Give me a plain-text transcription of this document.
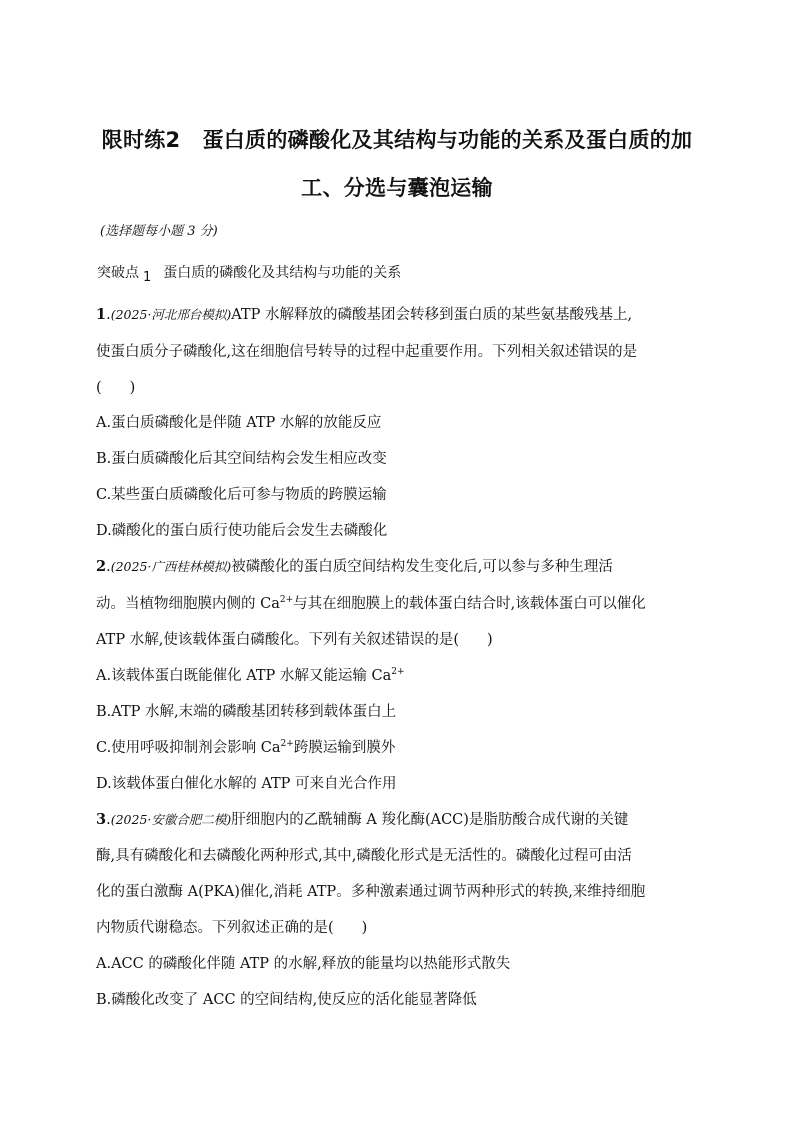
限时练2 蛋白质的磷酸化及其结构与功能的关系及蛋白质的加
工、分选与囊泡运输
(选择题每小题 3 分)
突破点 1 蛋白质的磷酸化及其结构与功能的关系
1.(2025·河北邢台模拟)ATP 水解释放的磷酸基团会转移到蛋白质的某些氨基酸残基上,
使蛋白质分子磷酸化,这在细胞信号转导的过程中起重要作用。下列相关叙述错误的是
( )
A.蛋白质磷酸化是伴随 ATP 水解的放能反应
B.蛋白质磷酸化后其空间结构会发生相应改变
C.某些蛋白质磷酸化后可参与物质的跨膜运输
D.磷酸化的蛋白质行使功能后会发生去磷酸化
2.(2025·广西桂林模拟)被磷酸化的蛋白质空间结构发生变化后,可以参与多种生理活
动。当植物细胞膜内侧的 $Ca^{2+}$与其在细胞膜上的载体蛋白结合时,该载体蛋白可以催化
ATP 水解,使该载体蛋白磷酸化。下列有关叙述错误的是( )
A.该载体蛋白既能催化 ATP 水解又能运输 $Ca^{2+}$
B.ATP 水解,末端的磷酸基团转移到载体蛋白上
C.使用呼吸抑制剂会影响 $Ca^{2+}$跨膜运输到膜外
D.该载体蛋白催化水解的 ATP 可来自光合作用
3.(2025·安徽合肥二模)肝细胞内的乙酰辅酶 A 羧化酶(ACC)是脂肪酸合成代谢的关键
酶,具有磷酸化和去磷酸化两种形式,其中,磷酸化形式是无活性的。磷酸化过程可由活
化的蛋白激酶 A(PKA)催化,消耗 ATP。多种激素通过调节两种形式的转换,来维持细胞
内物质代谢稳态。下列叙述正确的是( )
A.ACC 的磷酸化伴随 ATP 的水解,释放的能量均以热能形式散失
B.磷酸化改变了 ACC 的空间结构,使反应的活化能显著降低
